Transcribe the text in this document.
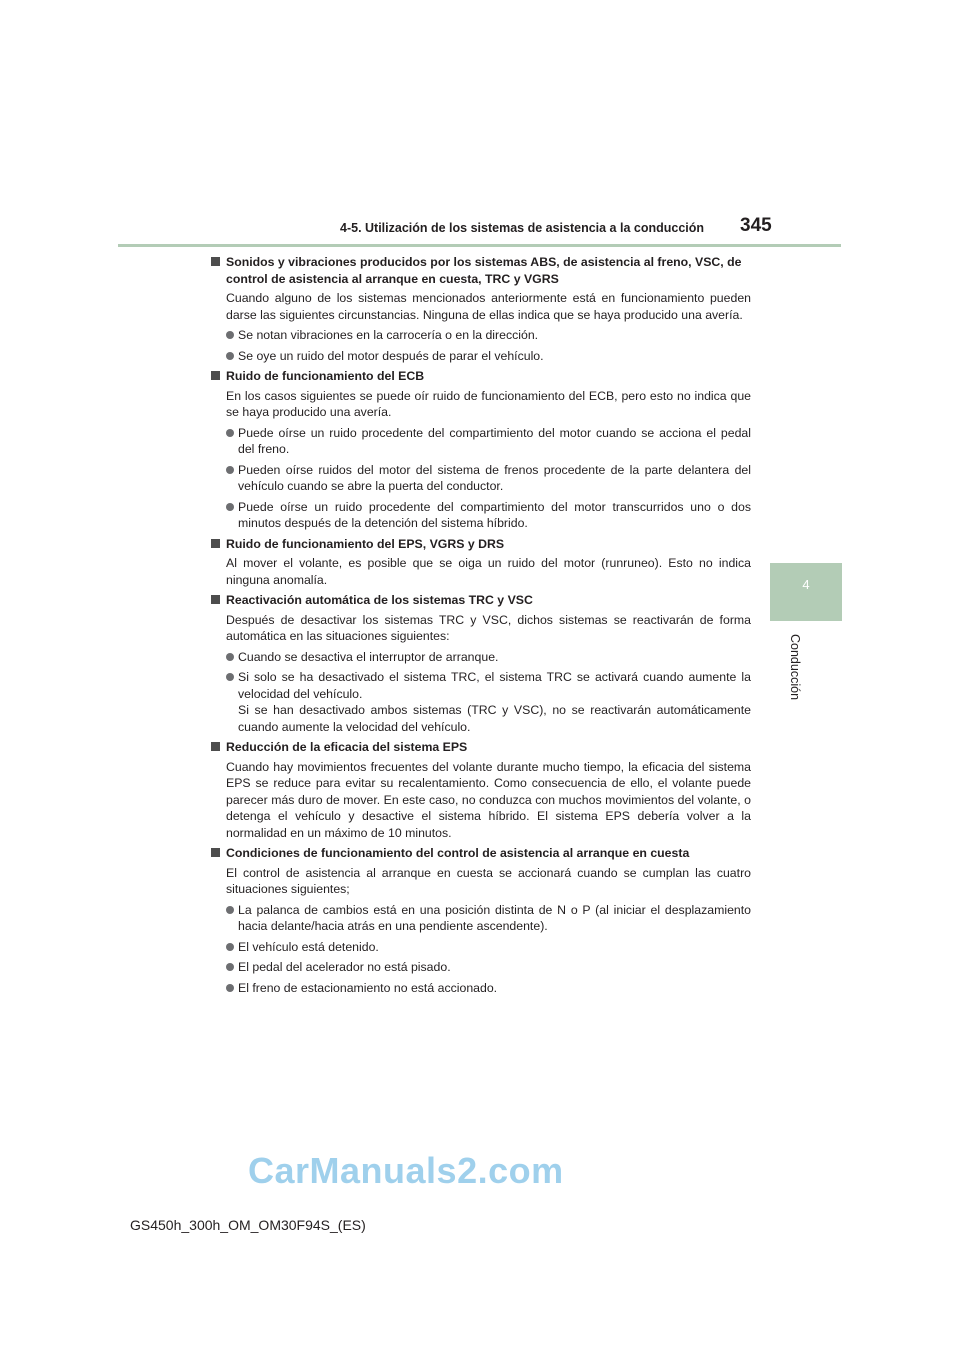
4-5. Utilización de los sistemas de asistencia a la conducción 345
4
Conducción
Sonidos y vibraciones producidos por los sistemas ABS, de asistencia al freno, VSC, de control de asistencia al arranque en cuesta, TRC y VGRS
Cuando alguno de los sistemas mencionados anteriormente está en funcionamiento pueden darse las siguientes circunstancias. Ninguna de ellas indica que se haya producido una avería.
Se notan vibraciones en la carrocería o en la dirección.
Se oye un ruido del motor después de parar el vehículo.
Ruido de funcionamiento del ECB
En los casos siguientes se puede oír ruido de funcionamiento del ECB, pero esto no indica que se haya producido una avería.
Puede oírse un ruido procedente del compartimiento del motor cuando se acciona el pedal del freno.
Pueden oírse ruidos del motor del sistema de frenos procedente de la parte delantera del vehículo cuando se abre la puerta del conductor.
Puede oírse un ruido procedente del compartimiento del motor transcurridos uno o dos minutos después de la detención del sistema híbrido.
Ruido de funcionamiento del EPS, VGRS y DRS
Al mover el volante, es posible que se oiga un ruido del motor (runruneo). Esto no indica ninguna anomalía.
Reactivación automática de los sistemas TRC y VSC
Después de desactivar los sistemas TRC y VSC, dichos sistemas se reactivarán de forma automática en las situaciones siguientes:
Cuando se desactiva el interruptor de arranque.
Si solo se ha desactivado el sistema TRC, el sistema TRC se activará cuando aumente la velocidad del vehículo.
Si se han desactivado ambos sistemas (TRC y VSC), no se reactivarán automáticamente cuando aumente la velocidad del vehículo.
Reducción de la eficacia del sistema EPS
Cuando hay movimientos frecuentes del volante durante mucho tiempo, la eficacia del sistema EPS se reduce para evitar su recalentamiento. Como consecuencia de ello, el volante puede parecer más duro de mover. En este caso, no conduzca con muchos movimientos del volante, o detenga el vehículo y desactive el sistema híbrido. El sistema EPS debería volver a la normalidad en un máximo de 10 minutos.
Condiciones de funcionamiento del control de asistencia al arranque en cuesta
El control de asistencia al arranque en cuesta se accionará cuando se cumplan las cuatro situaciones siguientes;
La palanca de cambios está en una posición distinta de N o P (al iniciar el desplazamiento hacia delante/hacia atrás en una pendiente ascendente).
El vehículo está detenido.
El pedal del acelerador no está pisado.
El freno de estacionamiento no está accionado.
CarManuals2.com
GS450h_300h_OM_OM30F94S_(ES)
